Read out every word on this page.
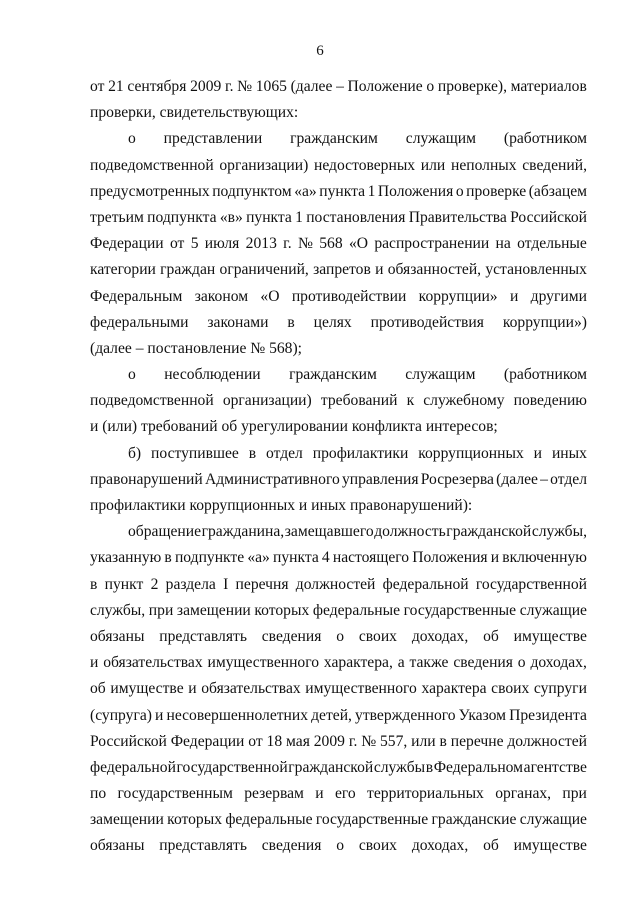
6
от 21 сентября 2009 г. № 1065 (далее – Положение о проверке), материалов
проверки, свидетельствующих:
о представлении гражданским служащим (работником
подведомственной организации) недостоверных или неполных сведений,
предусмотренных подпунктом «а» пункта 1 Положения о проверке (абзацем
третьим подпункта «в» пункта 1 постановления Правительства Российской
Федерации от 5 июля 2013 г. № 568 «О распространении на отдельные
категории граждан ограничений, запретов и обязанностей, установленных
Федеральным законом «О противодействии коррупции» и другими
федеральными законами в целях противодействия коррупции»)
(далее – постановление № 568);
о несоблюдении гражданским служащим (работником
подведомственной организации) требований к служебному поведению
и (или) требований об урегулировании конфликта интересов;
б) поступившее в отдел профилактики коррупционных и иных
правонарушений Административного управления Росрезерва (далее – отдел
профилактики коррупционных и иных правонарушений):
обращение гражданина, замещавшего должность гражданской службы,
указанную в подпункте «а» пункта 4 настоящего Положения и включенную
в пункт 2 раздела I перечня должностей федеральной государственной
службы, при замещении которых федеральные государственные служащие
обязаны представлять сведения о своих доходах, об имуществе
и обязательствах имущественного характера, а также сведения о доходах,
об имуществе и обязательствах имущественного характера своих супруги
(супруга) и несовершеннолетних детей, утвержденного Указом Президента
Российской Федерации от 18 мая 2009 г. № 557, или в перечне должностей
федеральной государственной гражданской службы в Федеральном агентстве
по государственным резервам и его территориальных органах, при
замещении которых федеральные государственные гражданские служащие
обязаны представлять сведения о своих доходах, об имуществе
